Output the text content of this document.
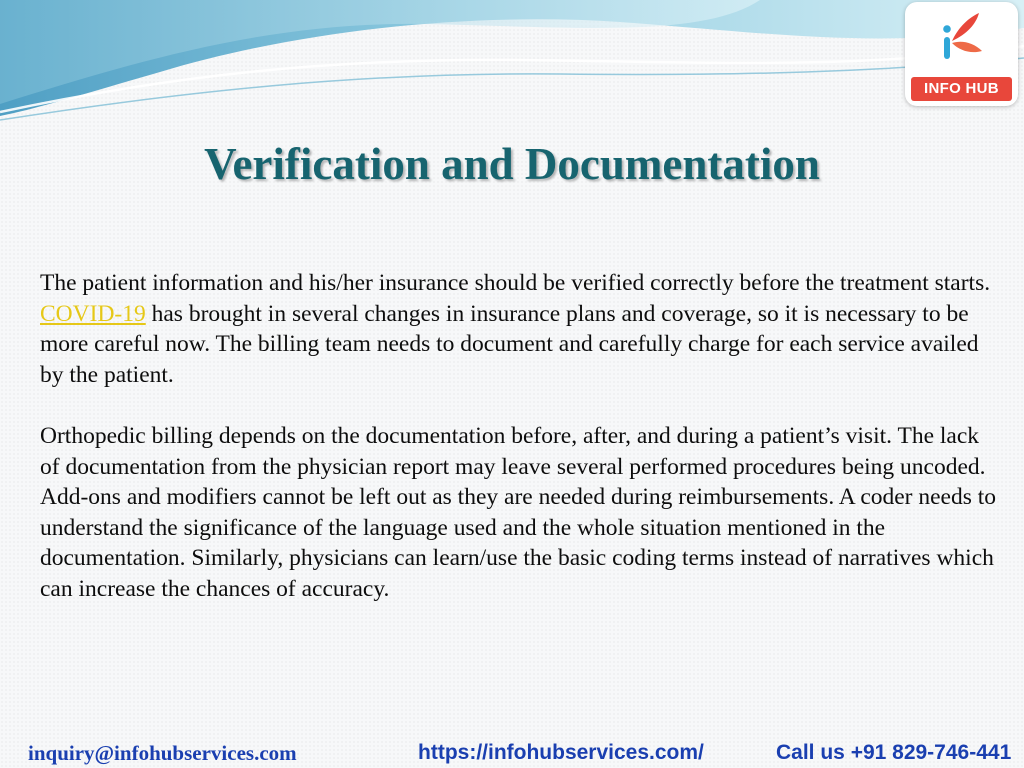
INFO HUB
Verification and Documentation

The patient information and his/her insurance should be verified correctly before the treatment starts. COVID-19 has brought in several changes in insurance plans and coverage, so it is necessary to be more careful now. The billing team needs to document and carefully charge for each service availed by the patient.

Orthopedic billing depends on the documentation before, after, and during a patient’s visit. The lack of documentation from the physician report may leave several performed procedures being uncoded. Add-ons and modifiers cannot be left out as they are needed during reimbursements. A coder needs to understand the significance of the language used and the whole situation mentioned in the documentation. Similarly, physicians can learn/use the basic coding terms instead of narratives which can increase the chances of accuracy.

inquiry@infohubservices.com	https://infohubservices.com/	Call us +91 829-746-441
